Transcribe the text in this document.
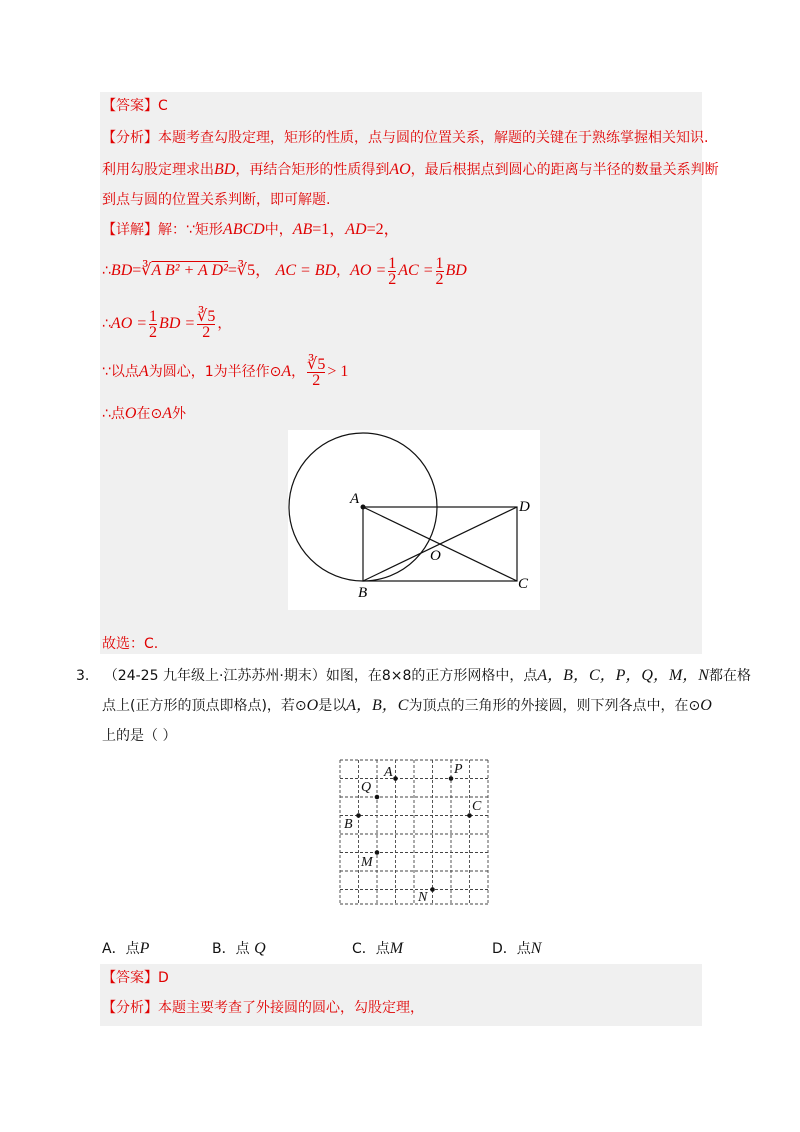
【答案】C
【分析】本题考查勾股定理，矩形的性质，点与圆的位置关系，解题的关键在于熟练掌握相关知识.
利用勾股定理求出BD，再结合矩形的性质得到AO，最后根据点到圆心的距离与半径的数量关系判断
到点与圆的位置关系判断，即可解题.
【详解】解：∵矩形ABCD中，AB=1，AD=2，
∴BD=∛A B² + A D²=∛5， AC = BD，AO = $\frac{1}{2}$ AC = $\frac{1}{2}$ BD
∴AO = $\frac{1}{2}$ BD = $\frac{∛5}{2}$ ，
∵以点A为圆心，1为半径作⊙A， $\frac{∛5}{2} > 1$
∴点O在⊙A外
A
B
C
D
O
故选：C.
3. （24-25 九年级上·江苏苏州·期末）如图，在8×8的正方形网格中，点A，B，C，P，Q，M，N都在格
点上(正方形的顶点即格点)，若⊙O是以A，B，C为顶点的三角形的外接圆，则下列各点中，在⊙O
上的是（ ）
A	P
Q
C
B
M
N
A．点P	B．点 Q	C．点M	D．点N
【答案】D
【分析】本题主要考查了外接圆的圆心，勾股定理，
